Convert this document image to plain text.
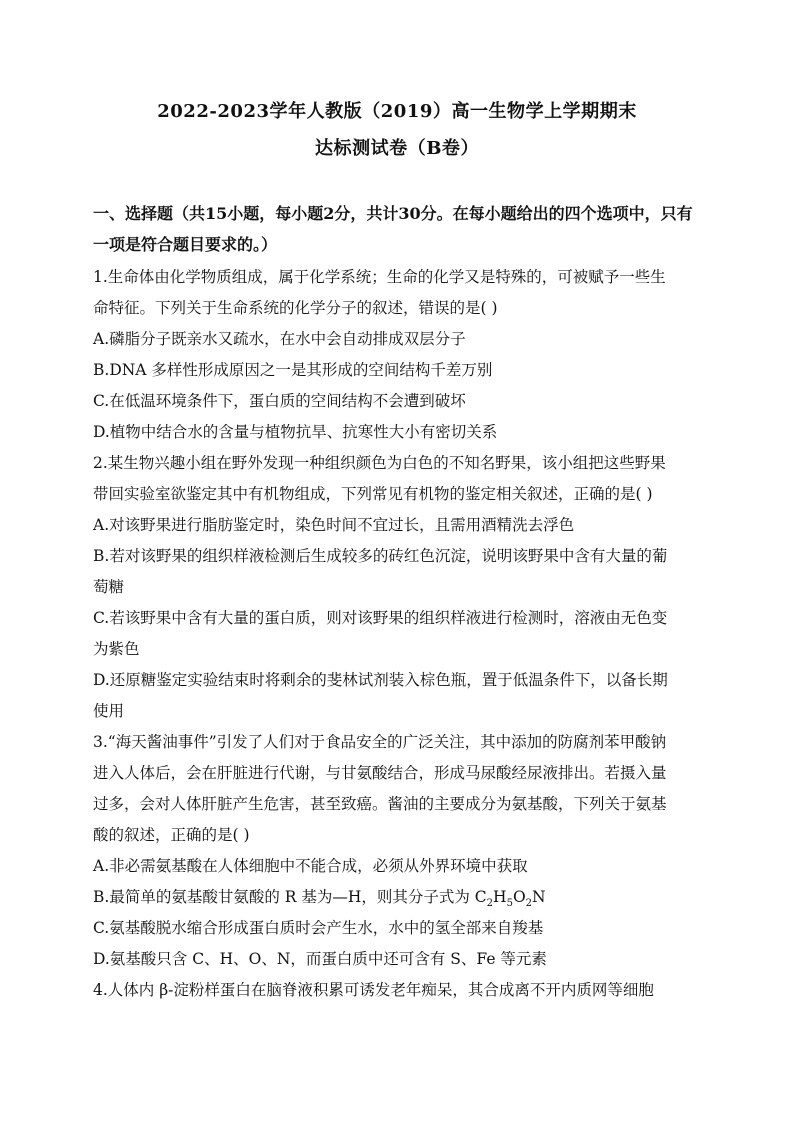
2022-2023学年人教版（2019）高一生物学上学期期末
达标测试卷（B卷）
一、选择题（共15小题，每小题2分，共计30分。在每小题给出的四个选项中，只有
一项是符合题目要求的。）
1.生命体由化学物质组成，属于化学系统；生命的化学又是特殊的，可被赋予一些生
命特征。下列关于生命系统的化学分子的叙述，错误的是( )
A.磷脂分子既亲水又疏水，在水中会自动排成双层分子
B.DNA 多样性形成原因之一是其形成的空间结构千差万别
C.在低温环境条件下，蛋白质的空间结构不会遭到破坏
D.植物中结合水的含量与植物抗旱、抗寒性大小有密切关系
2.某生物兴趣小组在野外发现一种组织颜色为白色的不知名野果，该小组把这些野果
带回实验室欲鉴定其中有机物组成，下列常见有机物的鉴定相关叙述，正确的是( )
A.对该野果进行脂肪鉴定时，染色时间不宜过长，且需用酒精洗去浮色
B.若对该野果的组织样液检测后生成较多的砖红色沉淀，说明该野果中含有大量的葡
萄糖
C.若该野果中含有大量的蛋白质，则对该野果的组织样液进行检测时，溶液由无色变
为紫色
D.还原糖鉴定实验结束时将剩余的斐林试剂装入棕色瓶，置于低温条件下，以备长期
使用
3.“海天酱油事件”引发了人们对于食品安全的广泛关注，其中添加的防腐剂苯甲酸钠
进入人体后，会在肝脏进行代谢，与甘氨酸结合，形成马尿酸经尿液排出。若摄入量
过多，会对人体肝脏产生危害，甚至致癌。酱油的主要成分为氨基酸，下列关于氨基
酸的叙述，正确的是( )
A.非必需氨基酸在人体细胞中不能合成，必须从外界环境中获取
B.最简单的氨基酸甘氨酸的 R 基为—H，则其分子式为 $C_2H_5O_2N$
C.氨基酸脱水缩合形成蛋白质时会产生水，水中的氢全部来自羧基
D.氨基酸只含 C、H、O、N，而蛋白质中还可含有 S、Fe 等元素
4.人体内 β-淀粉样蛋白在脑脊液积累可诱发老年痴呆，其合成离不开内质网等细胞
